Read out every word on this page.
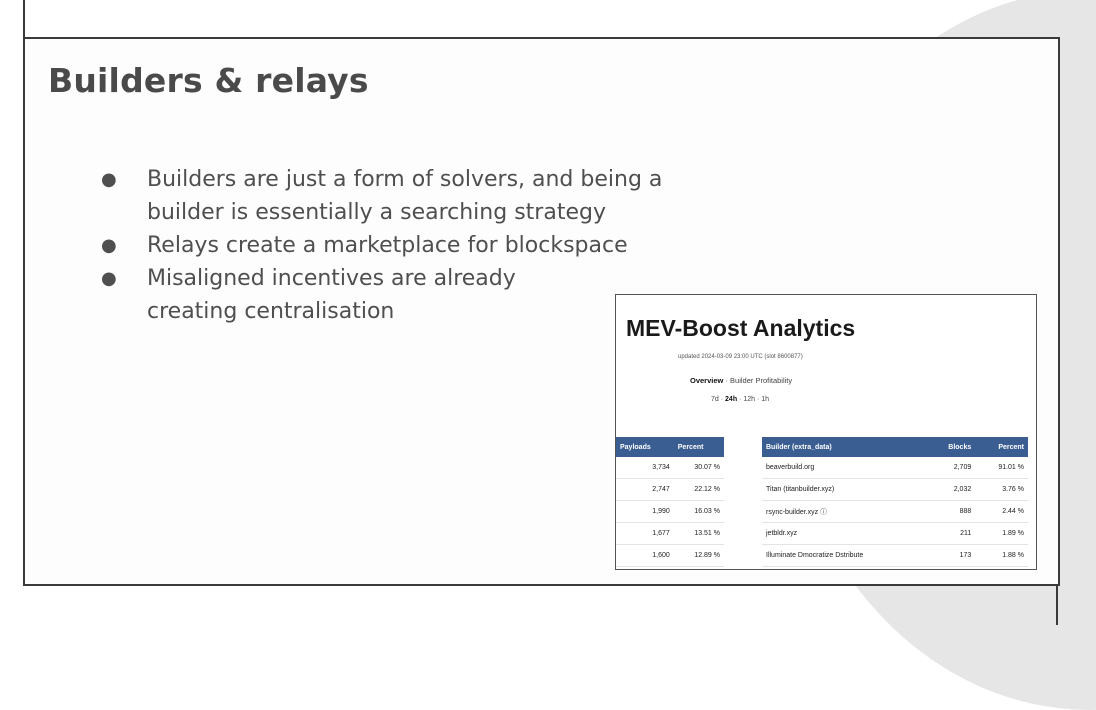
Builders & relays
● Builders are just a form of solvers, and being a builder is essentially a searching strategy
● Relays create a marketplace for blockspace
● Misaligned incentives are already creating centralisation
MEV-Boost Analytics
updated 2024-03-09 23:00 UTC (slot 8600877)
Overview · Builder Profitability
7d · 24h · 12h · 1h
Payloads	Percent
3,734	30.07 %
2,747	22.12 %
1,990	16.03 %
1,677	13.51 %
1,600	12.89 %
Builder (extra_data)	Blocks	Percent
beaverbuild.org	2,709	91.01 %
Titan (titanbuilder.xyz)	2,032	3.76 %
rsync-builder.xyz ⓘ	888	2.44 %
jetbldr.xyz	211	1.89 %
Illuminate Dmocratize Dstribute	173	1.88 %
